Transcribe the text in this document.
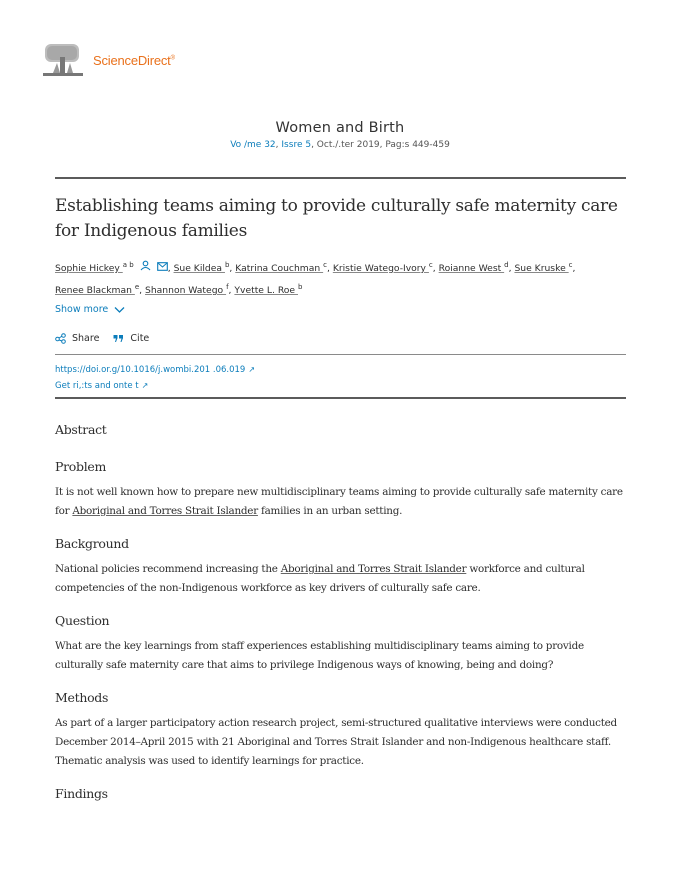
ScienceDirect®
Women and Birth
Vo /me 32, Issre 5, Oct./.ter 2019, Pag:s 449-459
Establishing teams aiming to provide culturally safe maternity care for Indigenous families
Sophie Hickey $^{a b}$	, Sue Kildea $^b$, Katrina Couchman $^c$, Kristie Watego-Ivory $^c$, Roianne West $^d$, Sue Kruske $^c$,
Renee Blackman $^e$, Shannon Watego $^f$, Yvette L. Roe $^b$
Show more
Share	Cite
https://doi.or.g/10.1016/j.wombi.201 .06.019 ↗
Get ri,:ts and onte t ↗
Abstract
Problem

It is not well known how to prepare new multidisciplinary teams aiming to provide culturally safe maternity care for Aboriginal and Torres Strait Islander families in an urban setting.

Background

National policies recommend increasing the Aboriginal and Torres Strait Islander workforce and cultural competencies of the non-Indigenous workforce as key drivers of culturally safe care.

Question

What are the key learnings from staff experiences establishing multidisciplinary teams aiming to provide culturally safe maternity care that aims to privilege Indigenous ways of knowing, being and doing?

Methods

As part of a larger participatory action research project, semi-structured qualitative interviews were conducted December 2014–April 2015 with 21 Aboriginal and Torres Strait Islander and non-Indigenous healthcare staff. Thematic analysis was used to identify learnings for practice.

Findings
